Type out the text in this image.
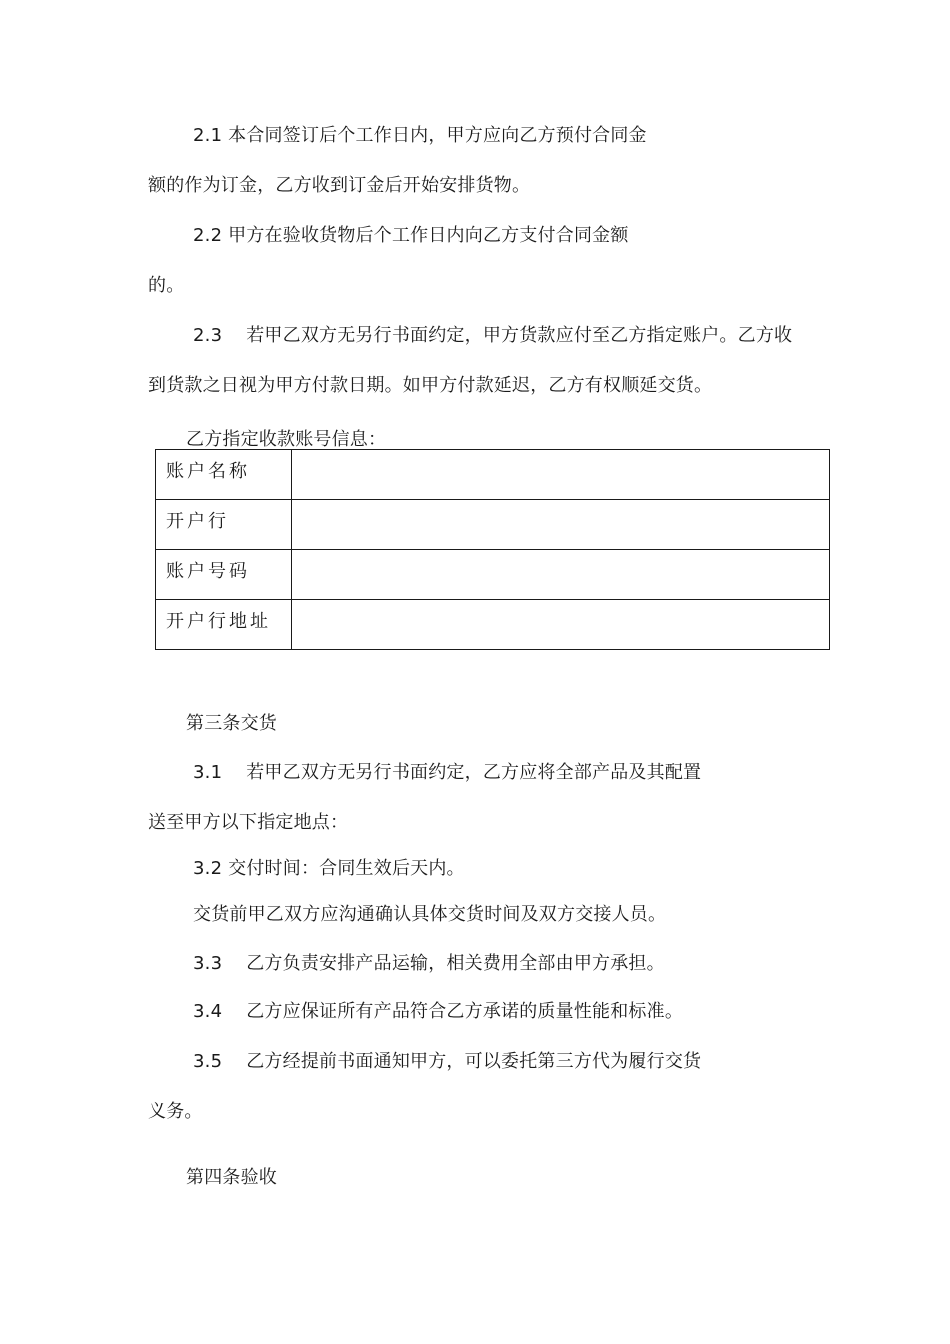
2.1 本合同签订后个工作日内，甲方应向乙方预付合同金
额的作为订金，乙方收到订金后开始安排货物。
2.2 甲方在验收货物后个工作日内向乙方支付合同金额
的。
2.3 若甲乙双方无另行书面约定，甲方货款应付至乙方指定账户。乙方收
到货款之日视为甲方付款日期。如甲方付款延迟，乙方有权顺延交货。
乙方指定收款账号信息：
账户名称	
开户行	
账户号码	
开户行地址	
第三条交货
3.1 若甲乙双方无另行书面约定，乙方应将全部产品及其配置
送至甲方以下指定地点：
3.2 交付时间：合同生效后天内。
交货前甲乙双方应沟通确认具体交货时间及双方交接人员。
3.3 乙方负责安排产品运输，相关费用全部由甲方承担。
3.4 乙方应保证所有产品符合乙方承诺的质量性能和标准。
3.5 乙方经提前书面通知甲方，可以委托第三方代为履行交货
义务。
第四条验收
